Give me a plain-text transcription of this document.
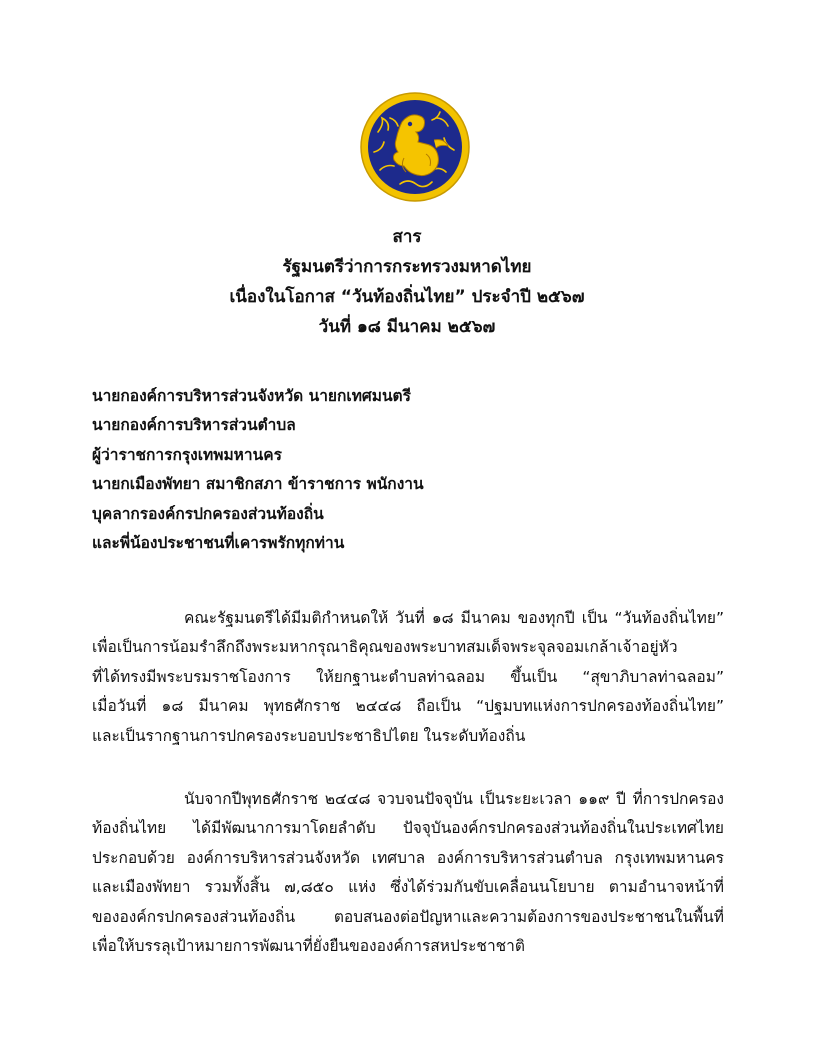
สาร
รัฐมนตรีว่าการกระทรวงมหาดไทย
เนื่องในโอกาส “วันท้องถิ่นไทย” ประจำปี ๒๕๖๗
วันที่ ๑๘ มีนาคม ๒๕๖๗
นายกองค์การบริหารส่วนจังหวัด นายกเทศมนตรี
นายกองค์การบริหารส่วนตำบล
ผู้ว่าราชการกรุงเทพมหานคร
นายกเมืองพัทยา สมาชิกสภา ข้าราชการ พนักงาน
บุคลากรองค์กรปกครองส่วนท้องถิ่น
และพี่น้องประชาชนที่เคารพรักทุกท่าน
คณะรัฐมนตรีได้มีมติกำหนดให้ วันที่ ๑๘ มีนาคม ของทุกปี เป็น “วันท้องถิ่นไทย”
เพื่อเป็นการน้อมรำลึกถึงพระมหากรุณาธิคุณของพระบาทสมเด็จพระจุลจอมเกล้าเจ้าอยู่หัว
ที่ได้ทรงมีพระบรมราชโองการ ให้ยกฐานะตำบลท่าฉลอม ขึ้นเป็น “สุขาภิบาลท่าฉลอม”
เมื่อวันที่ ๑๘ มีนาคม พุทธศักราช ๒๔๔๘ ถือเป็น “ปฐมบทแห่งการปกครองท้องถิ่นไทย”
และเป็นรากฐานการปกครองระบอบประชาธิปไตย ในระดับท้องถิ่น
นับจากปีพุทธศักราช ๒๔๔๘ จวบจนปัจจุบัน เป็นระยะเวลา ๑๑๙ ปี ที่การปกครอง
ท้องถิ่นไทย ได้มีพัฒนาการมาโดยลำดับ ปัจจุบันองค์กรปกครองส่วนท้องถิ่นในประเทศไทย
ประกอบด้วย องค์การบริหารส่วนจังหวัด เทศบาล องค์การบริหารส่วนตำบล กรุงเทพมหานคร
และเมืองพัทยา รวมทั้งสิ้น ๗,๘๕๐ แห่ง ซึ่งได้ร่วมกันขับเคลื่อนนโยบาย ตามอำนาจหน้าที่
ขององค์กรปกครองส่วนท้องถิ่น ตอบสนองต่อปัญหาและความต้องการของประชาชนในพื้นที่
เพื่อให้บรรลุเป้าหมายการพัฒนาที่ยั่งยืนขององค์การสหประชาชาติ
